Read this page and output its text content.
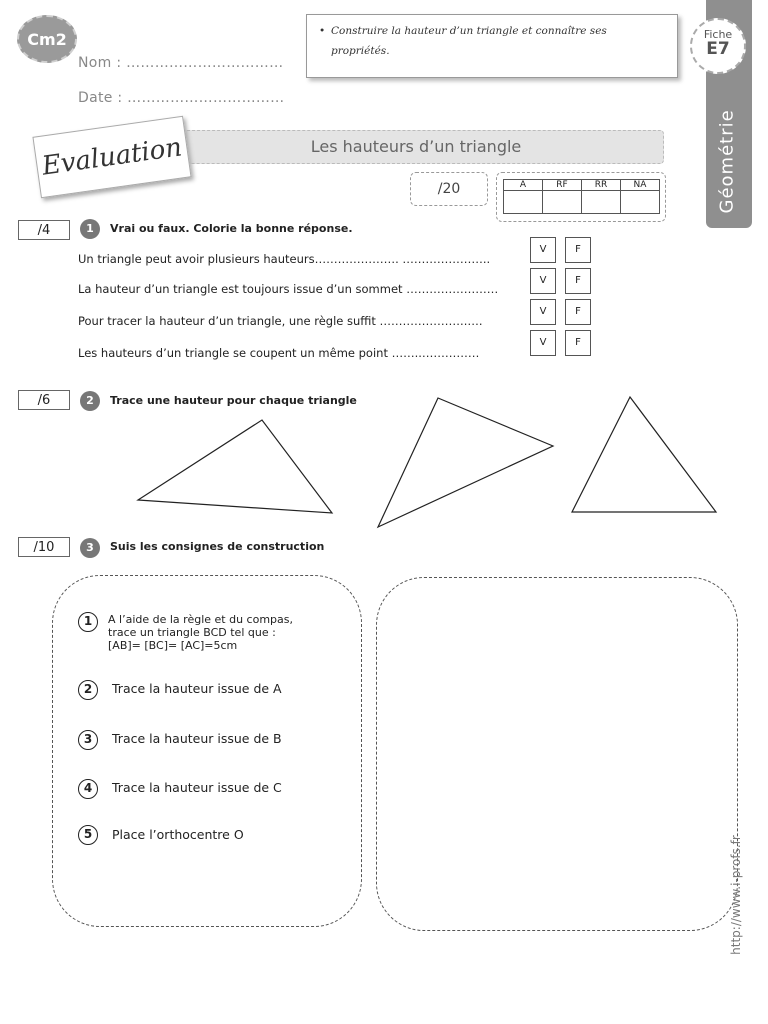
Cm2
Nom : ……………………………
Date : ……………………………
• Construire la hauteur d’un triangle et connaître ses propriétés.
Fiche
E7
Géométrie
Les hauteurs d’un triangle
Evaluation
/20	A	RF	RR	NA

/4	1	Vrai ou faux. Colorie la bonne réponse.
Un triangle peut avoir plusieurs hauteurs…………………. …………………..
V	F
La hauteur d’un triangle est toujours issue d’un sommet ……………………
V	F
Pour tracer la hauteur d’un triangle, une règle suffit …………………..….
V	F
Les hauteurs d’un triangle se coupent un même point ……..……………
V	F
/6	2	Trace une hauteur pour chaque triangle
/10	3	Suis les consignes de construction
1	A l’aide de la règle et du compas,
trace un triangle BCD tel que :
[AB]= [BC]= [AC]=5cm
2	Trace la hauteur issue de A
3	Trace la hauteur issue de B
4	Trace la hauteur issue de C
5	Place l’orthocentre O
http://www.i-profs.fr
